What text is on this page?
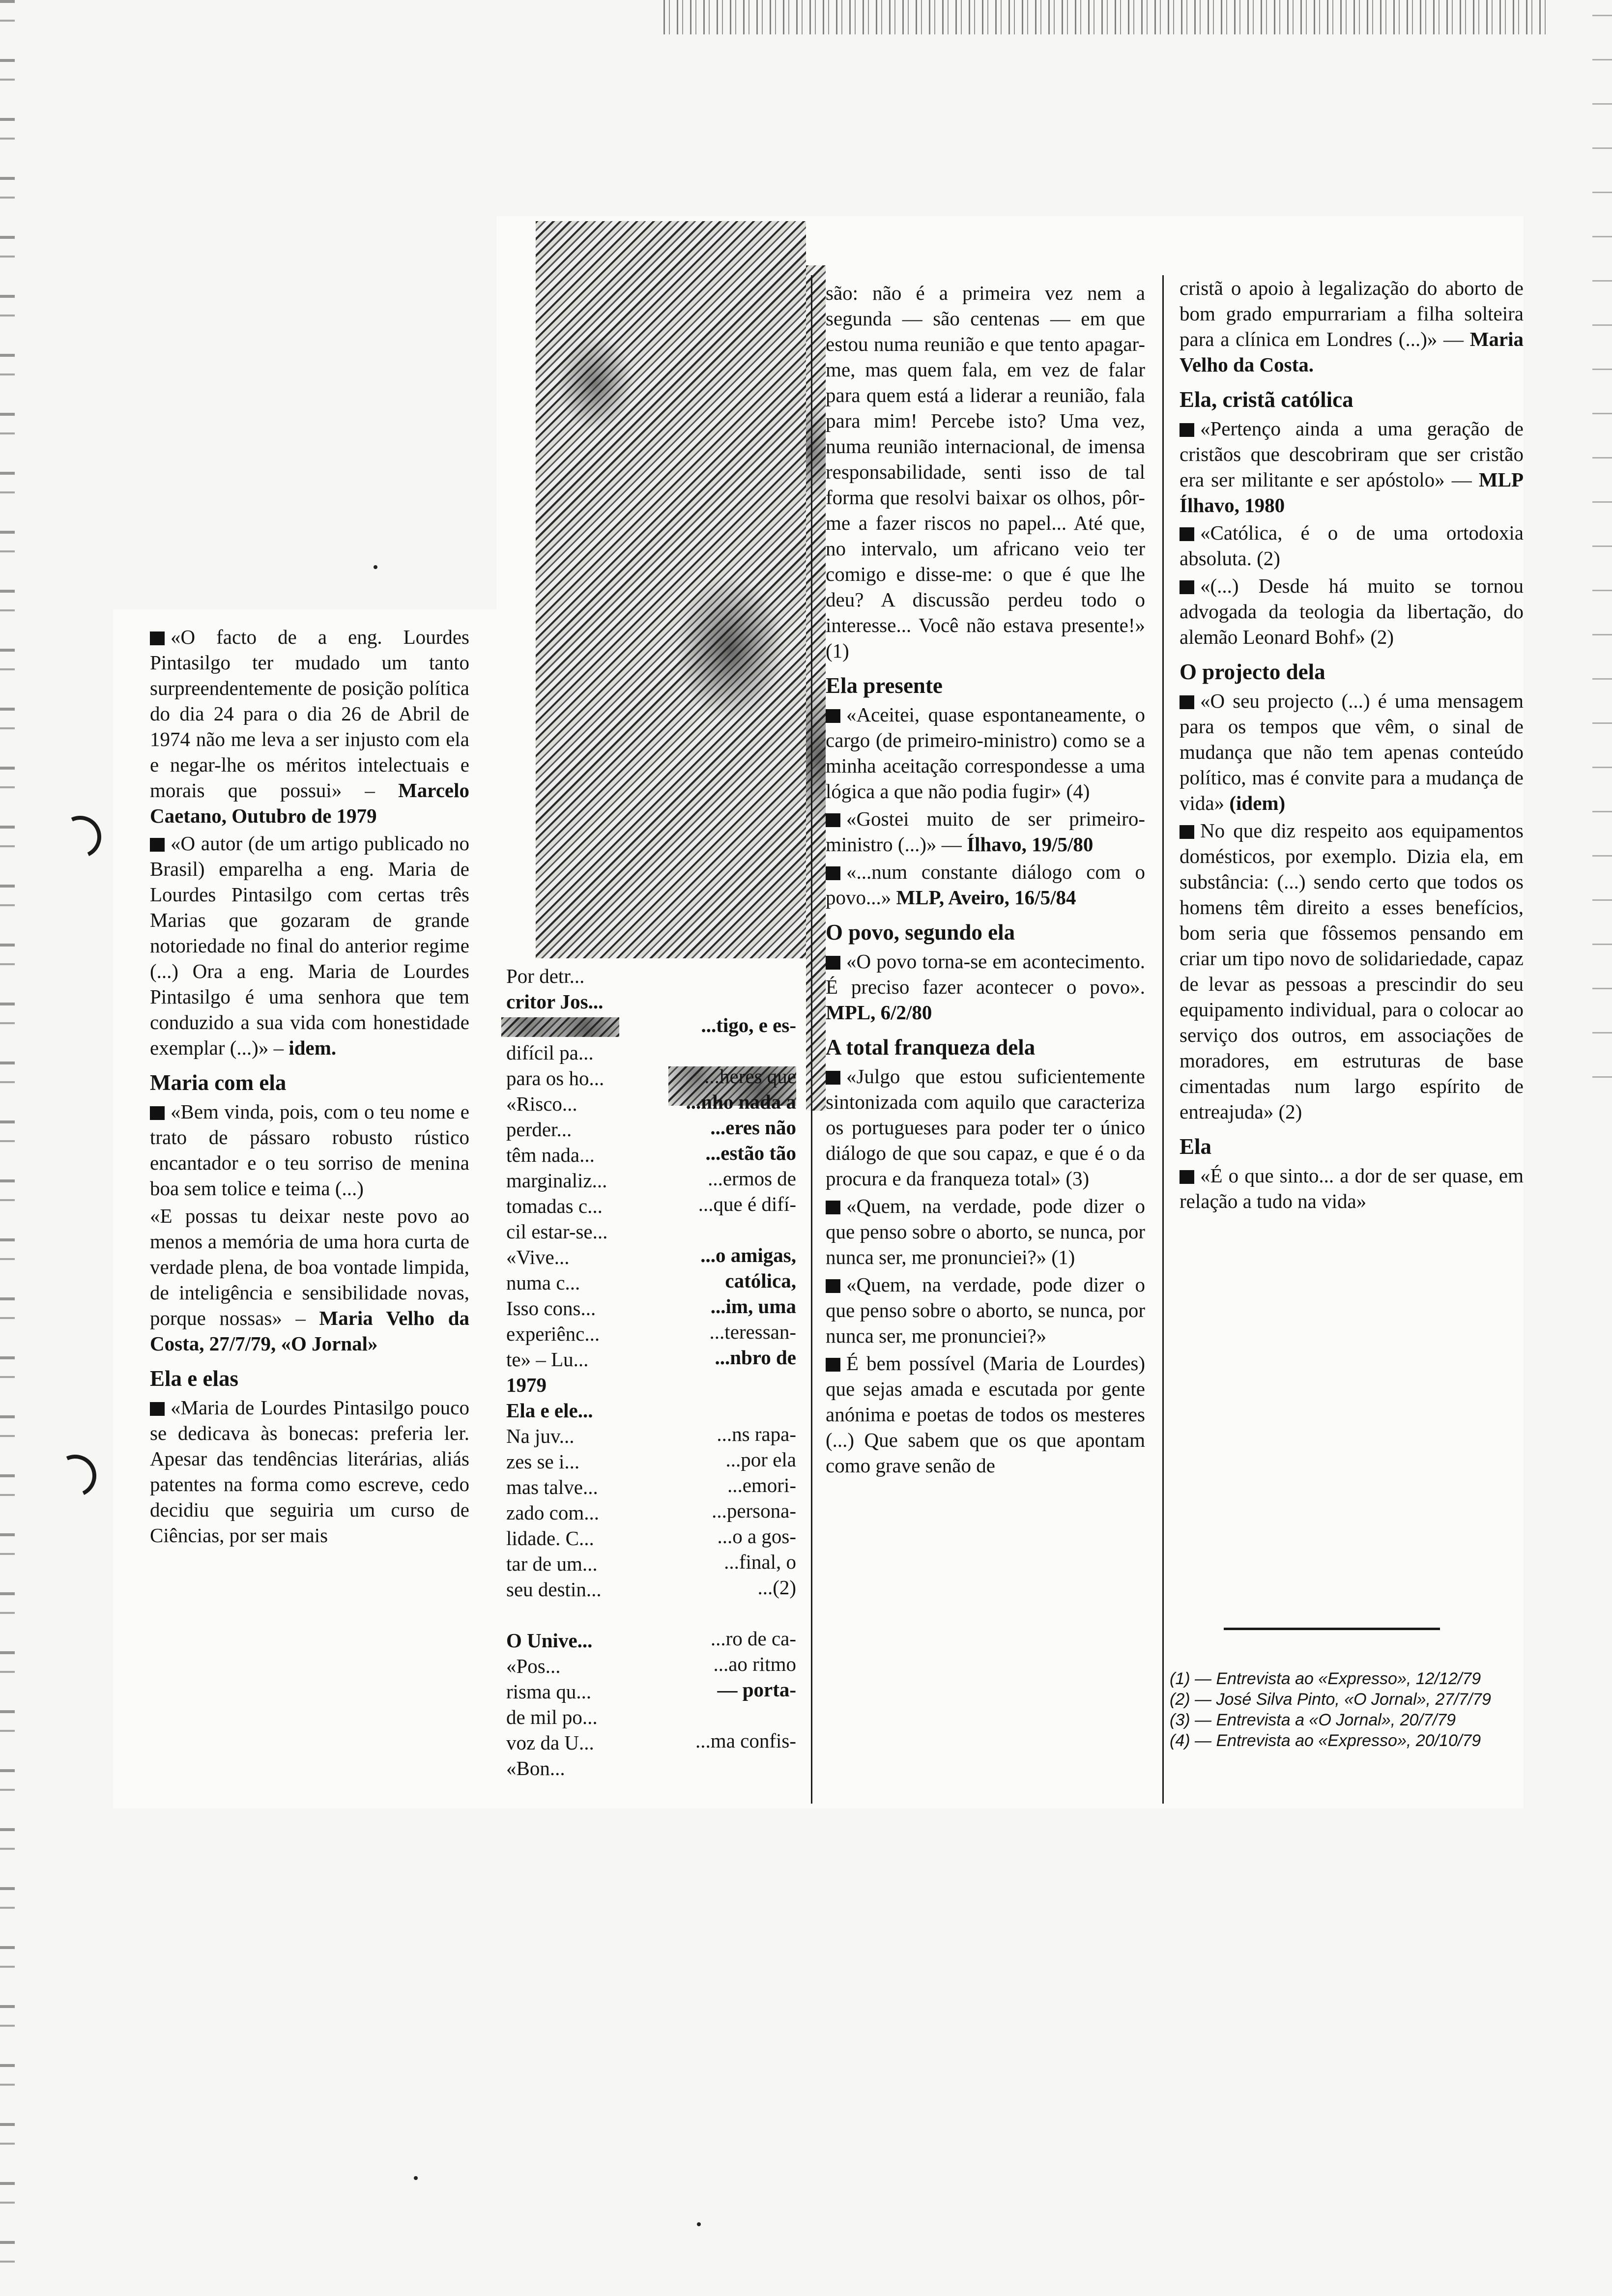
«O facto de a eng. Lourdes Pintasilgo ter mudado um tanto surpreendentemente de posição política do dia 24 para o dia 26 de Abril de 1974 não me leva a ser injusto com ela e negar-lhe os méritos intelectuais e morais que possui» – Marcelo Caetano, Outubro de 1979

«O autor (de um artigo publicado no Brasil) emparelha a eng. Maria de Lourdes Pintasilgo com certas três Marias que gozaram de grande notoriedade no final do anterior regime (...) Ora a eng. Maria de Lourdes Pintasilgo é uma senhora que tem conduzido a sua vida com honestidade exemplar (...)» – idem.

Maria com ela

«Bem vinda, pois, com o teu nome e trato de pássaro robusto rústico encantador e o teu sorriso de menina boa sem tolice e teima (...)

«E possas tu deixar neste povo ao menos a memória de uma hora curta de verdade plena, de boa vontade limpida, de inteligência e sensibilidade novas, porque nossas» – Maria Velho da Costa, 27/7/79, «O Jornal»

Ela e elas

«Maria de Lourdes Pintasilgo pouco se dedicava às bonecas: preferia ler. Apesar das tendências literárias, aliás patentes na forma como escreve, cedo decidiu que seguiria um curso de Ciências, por ser mais

Por detr...
critor Jos...
difícil pa...
para os ho...
«Risco...
perder...
têm nada...
marginaliz...
tomadas c...
cil estar-se...
«Vive...
numa c...
Isso cons...
experiênc...
te» – Lu...
1979
Ela e ele...
Na juv...
zes se i...
mas talve...
zado com...
lidade. C...
tar de um...
seu destin...
O Unive...
«Pos...
risma qu...
de mil po...
voz da U...
«Bon...
...tigo, e es-
...heres que
...nho nada a
...eres não
...estão tão
...ermos de
...que é difí-
...o amigas,
católica,
...im, uma
...teressan-
...nbro de
...ns rapa-
...por ela
...emori-
...persona-
...o a gos-
...final, o
...(2)
...ro de ca-
...ao ritmo
— porta-
...ma confis-

são: não é a primeira vez nem a segunda — são centenas — em que estou numa reunião e que tento apagar-me, mas quem fala, em vez de falar para quem está a liderar a reunião, fala para mim! Percebe isto? Uma vez, numa reunião internacional, de imensa responsabilidade, senti isso de tal forma que resolvi baixar os olhos, pôr-me a fazer riscos no papel... Até que, no intervalo, um africano veio ter comigo e disse-me: o que é que lhe deu? A discussão perdeu todo o interesse... Você não estava presente!» (1)

Ela presente

«Aceitei, quase espontaneamente, o cargo (de primeiro-ministro) como se a minha aceitação correspondesse a uma lógica a que não podia fugir» (4)

«Gostei muito de ser primeiro-ministro (...)» — Ílhavo, 19/5/80

«...num constante diálogo com o povo...» MLP, Aveiro, 16/5/84

O povo, segundo ela

«O povo torna-se em acontecimento. É preciso fazer acontecer o povo». MPL, 6/2/80

A total franqueza dela

«Julgo que estou suficientemente sintonizada com aquilo que caracteriza os portugueses para poder ter o único diálogo de que sou capaz, e que é o da procura e da franqueza total» (3)

«Quem, na verdade, pode dizer o que penso sobre o aborto, se nunca, por nunca ser, me pronunciei?» (1)

«Quem, na verdade, pode dizer o que penso sobre o aborto, se nunca, por nunca ser, me pronunciei?»

É bem possível (Maria de Lourdes) que sejas amada e escutada por gente anónima e poetas de todos os mesteres (...) Que sabem que os que apontam como grave senão de

cristã o apoio à legalização do aborto de bom grado empurrariam a filha solteira para a clínica em Londres (...)» — Maria Velho da Costa.

Ela, cristã católica

«Pertenço ainda a uma geração de cristãos que descobriram que ser cristão era ser militante e ser apóstolo» — MLP Ílhavo, 1980

«Católica, é o de uma ortodoxia absoluta. (2)

«(...) Desde há muito se tornou advogada da teologia da libertação, do alemão Leonard Bohf» (2)

O projecto dela

«O seu projecto (...) é uma mensagem para os tempos que vêm, o sinal de mudança que não tem apenas conteúdo político, mas é convite para a mudança de vida» (idem)

No que diz respeito aos equipamentos domésticos, por exemplo. Dizia ela, em substância: (...) sendo certo que todos os homens têm direito a esses benefícios, bom seria que fôssemos pensando em criar um tipo novo de solidariedade, capaz de levar as pessoas a prescindir do seu equipamento individual, para o colocar ao serviço dos outros, em associações de moradores, em estruturas de base cimentadas num largo espírito de entreajuda» (2)

Ela

«É o que sinto... a dor de ser quase, em relação a tudo na vida»

(1) — Entrevista ao «Expresso», 12/12/79

(2) — José Silva Pinto, «O Jornal», 27/7/79

(3) — Entrevista a «O Jornal», 20/7/79

(4) — Entrevista ao «Expresso», 20/10/79
